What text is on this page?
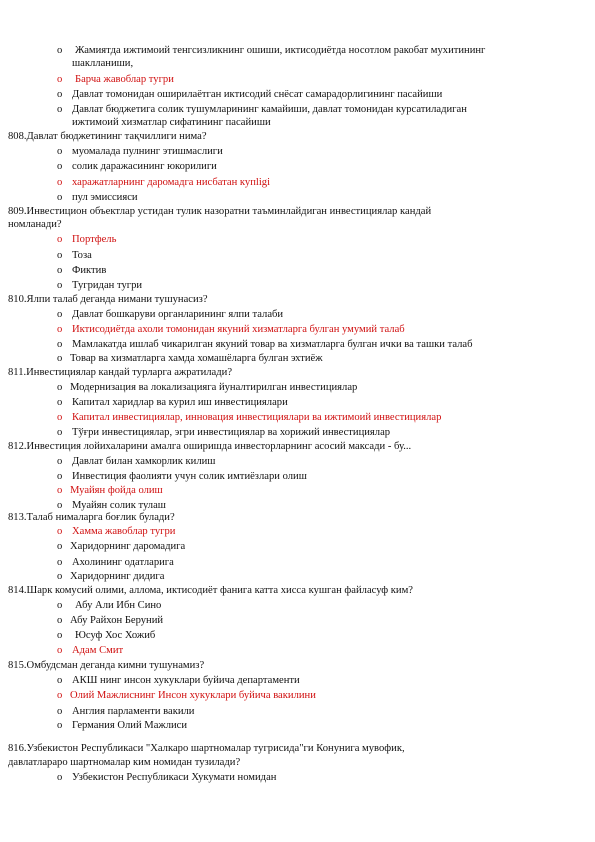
o Жамиятда ижтимоий тенгсизликнинг ошиши, иктисодиётда носотлом ракобат мухитининг
шаклланиши,
o Барча жавоблар тугри
o Давлат томонидан оширилаётган иктисодий снёсат самарадорлигининг пасайиши
o Давлат бюджетига солик тушумларининг камайиши, давлат томонидан курсатиладиган
ижтимоий хизматлар сифатининг пасайиши
808.Давлат бюджетининг тақчиллиги нима?
o муомалада пулнинг этишмаслиги
o солик даражасининг юкорилиги
o харажатларнинг даромадга нисбатан купligi
o пул эмиссияси
809.Инвестицион объектлар устидан тулик назоратни таъминлайдиган инвестициялар кандай
номланади?
o Портфель
o Тоза
o Фиктив
o Тугридан тугри
810.Ялпи талаб деганда нимани тушунасиз?
o Давлат бошкаруви органларининг ялпи талаби
o Иктисодиётда ахоли томонидан якуний хизматларга булган умумий талаб
o Мамлакатда ишлаб чикарилган якуний товар ва хизматларга булган ички ва ташки талаб
o Товар ва хизматларга хамда хомашёларга булган эхтиёж
811.Инвестициялар кандай турларга ажратилади?
o Модернизация ва локализацияга йуналтирилган инвестициялар
o Капитал харидлар ва курил иш инвестициялари
o Капитал инвестициялар, инновация инвестициялари ва ижтимоий инвестициялар
o Тўғри инвестициялар, эгри инвестициялар ва хорижий инвестициялар
812.Инвестиция лойихаларини амалга оширишда инвесторларнинг асосий максади - бу...
o Давлат билан хамкорлик килиш
o Инвестиция фаолияти учун солик имтиёзлари олиш
o Муайян фойда олиш
o Муайян солик тулаш
813.Талаб нималарга боғлик булади?
o Хамма жавоблар тугри
o Харидорнинг даромадига
o Ахолининг одатларига
o Харидорнинг дидига
814.Шарк комусий олими, аллома, иктисодиёт фанига катта хисса кушган файласуф ким?
o Абу Али Ибн Сино
o Абу Райхон Беруний
o Юсуф Хос Хожиб
o Адам Смит
815.Омбудсман деганда кимни тушунамиз?
o АКШ нинг инсон хукуклари буйича департаменти
o Олий Мажлиснинг Инсон хукуклари буйича вакилини
o Англия парламенти вакили
o Германия Олий Мажлиси
816.Узбекистон Республикаси "Халкаро шартномалар тугрисида"ги Конунига мувофик,
давлатлараро шартномалар ким номидан тузилади?
o Узбекистон Республикаси Хукумати номидан
